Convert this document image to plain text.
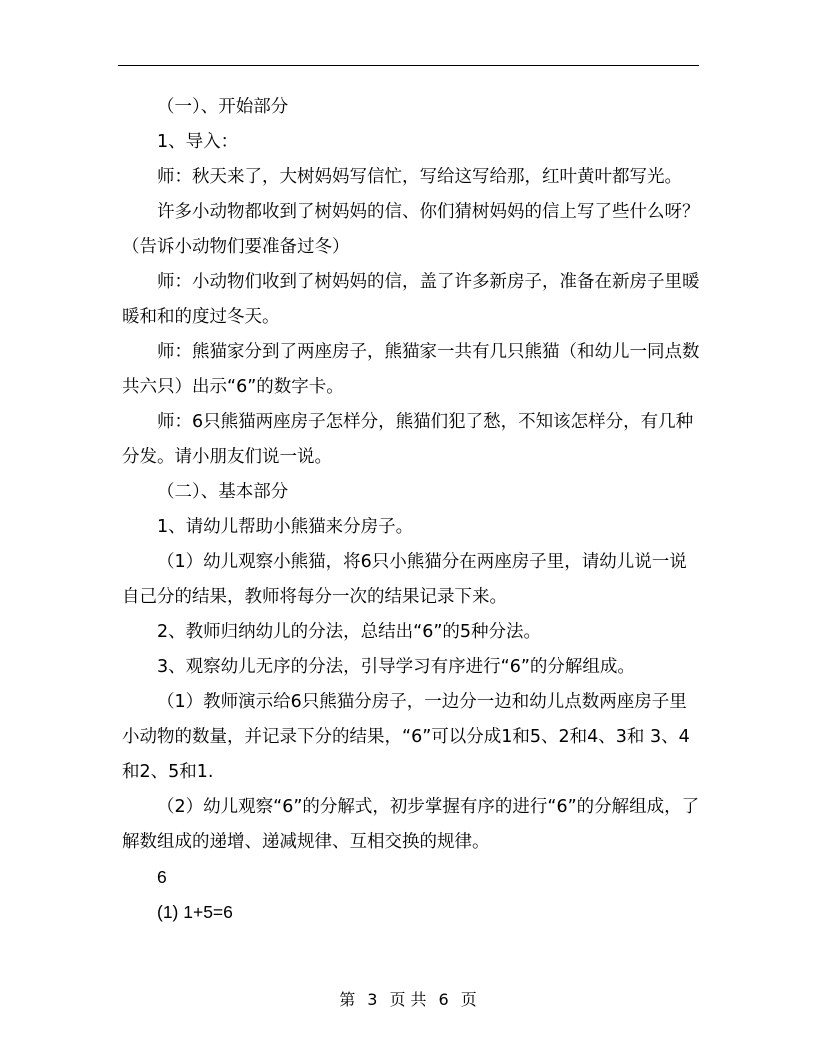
（一）、开始部分

1、导入：

师：秋天来了，大树妈妈写信忙，写给这写给那，红叶黄叶都写光。

许多小动物都收到了树妈妈的信、你们猜树妈妈的信上写了些什么呀？（告诉小动物们要准备过冬）

师：小动物们收到了树妈妈的信，盖了许多新房子，准备在新房子里暖暖和和的度过冬天。

师：熊猫家分到了两座房子，熊猫家一共有几只熊猫（和幼儿一同点数共六只）出示“6”的数字卡。

师：6只熊猫两座房子怎样分，熊猫们犯了愁，不知该怎样分，有几种分发。请小朋友们说一说。

（二）、基本部分

1、请幼儿帮助小熊猫来分房子。

（1）幼儿观察小熊猫，将6只小熊猫分在两座房子里，请幼儿说一说自己分的结果，教师将每分一次的结果记录下来。

2、教师归纳幼儿的分法，总结出“6”的5种分法。

3、观察幼儿无序的分法，引导学习有序进行“6”的分解组成。

（1）教师演示给6只熊猫分房子，一边分一边和幼儿点数两座房子里小动物的数量，并记录下分的结果，“6”可以分成1和5、2和4、3和 3、4和2、5和1.

（2）幼儿观察“6”的分解式，初步掌握有序的进行“6”的分解组成，了解数组成的递增、递减规律、互相交换的规律。

6

(1) 1+5=6

第 3 页 共 6 页
